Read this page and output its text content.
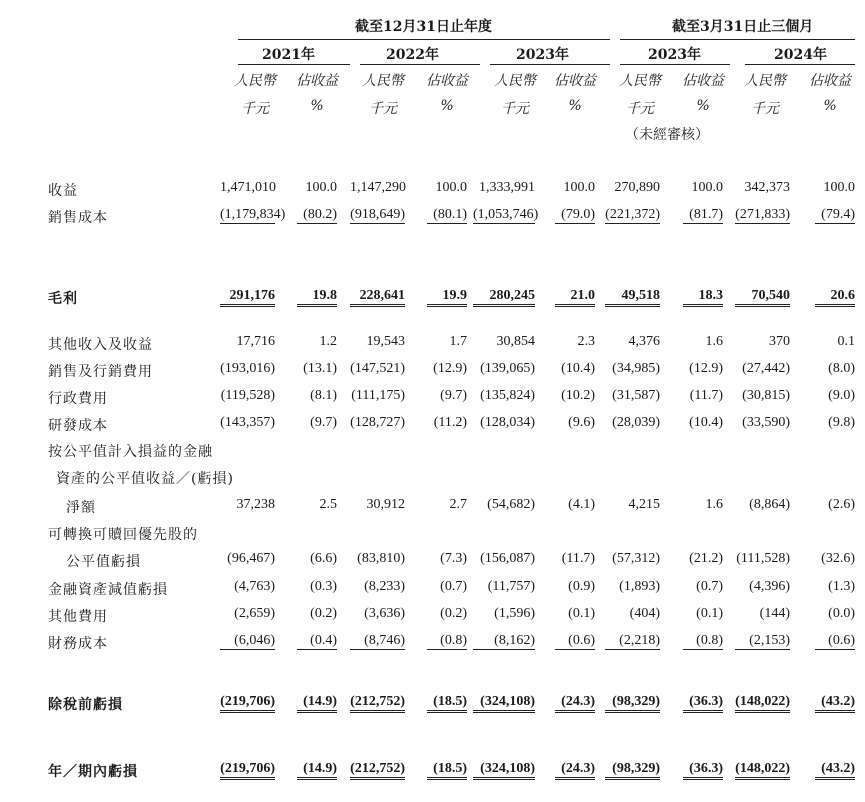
截至12月31日止年度	截至3月31日止三個月
2021年	2022年	2023年	2023年	2024年
人民幣 佔收益 人民幣 佔收益 人民幣 佔收益 人民幣 佔收益 人民幣 佔收益
千元	%	千元	%	千元	%	千元	%	千元	%
（未經審核）
收益	1,471,010	100.0 1,147,290	100.0 1,333,991	100.0	270,890	100.0	342,373	100.0
銷售成本	(1,179,834)	(80.2) (918,649)	(80.1) (1,053,746)	(79.0) (221,372)	(81.7) (271,833)	(79.4)
毛利	291,176	19.8	228,641	19.9	280,245	21.0	49,518	18.3	70,540	20.6
其他收入及收益	17,716	1.2	19,543	1.7	30,854	2.3	4,376	1.6	370	0.1
銷售及行銷費用	(193,016)	(13.1) (147,521)	(12.9) (139,065)	(10.4)	(34,985)	(12.9)	(27,442)	(8.0)
行政費用	(119,528)	(8.1) (111,175)	(9.7) (135,824)	(10.2)	(31,587)	(11.7)	(30,815)	(9.0)
研發成本	(143,357)	(9.7) (128,727)	(11.2) (128,034)	(9.6)	(28,039)	(10.4)	(33,590)	(9.8)
按公平值計入損益的金融
資產的公平值收益／(虧損)
淨額	37,238	2.5	30,912	2.7	(54,682)	(4.1)	4,215	1.6	(8,864)	(2.6)
可轉換可贖回優先股的
公平值虧損	(96,467)	(6.6)	(83,810)	(7.3) (156,087)	(11.7)	(57,312)	(21.2) (111,528)	(32.6)
金融資產減值虧損	(4,763)	(0.3)	(8,233)	(0.7)	(11,757)	(0.9)	(1,893)	(0.7)	(4,396)	(1.3)
其他費用	(2,659)	(0.2)	(3,636)	(0.2)	(1,596)	(0.1)	(404)	(0.1)	(144)	(0.0)
財務成本	(6,046)	(0.4)	(8,746)	(0.8)	(8,162)	(0.6)	(2,218)	(0.8)	(2,153)	(0.6)
除稅前虧損	(219,706)	(14.9) (212,752)	(18.5) (324,108)	(24.3)	(98,329)	(36.3) (148,022)	(43.2)
年／期內虧損	(219,706)	(14.9) (212,752)	(18.5) (324,108)	(24.3)	(98,329)	(36.3) (148,022)	(43.2)
